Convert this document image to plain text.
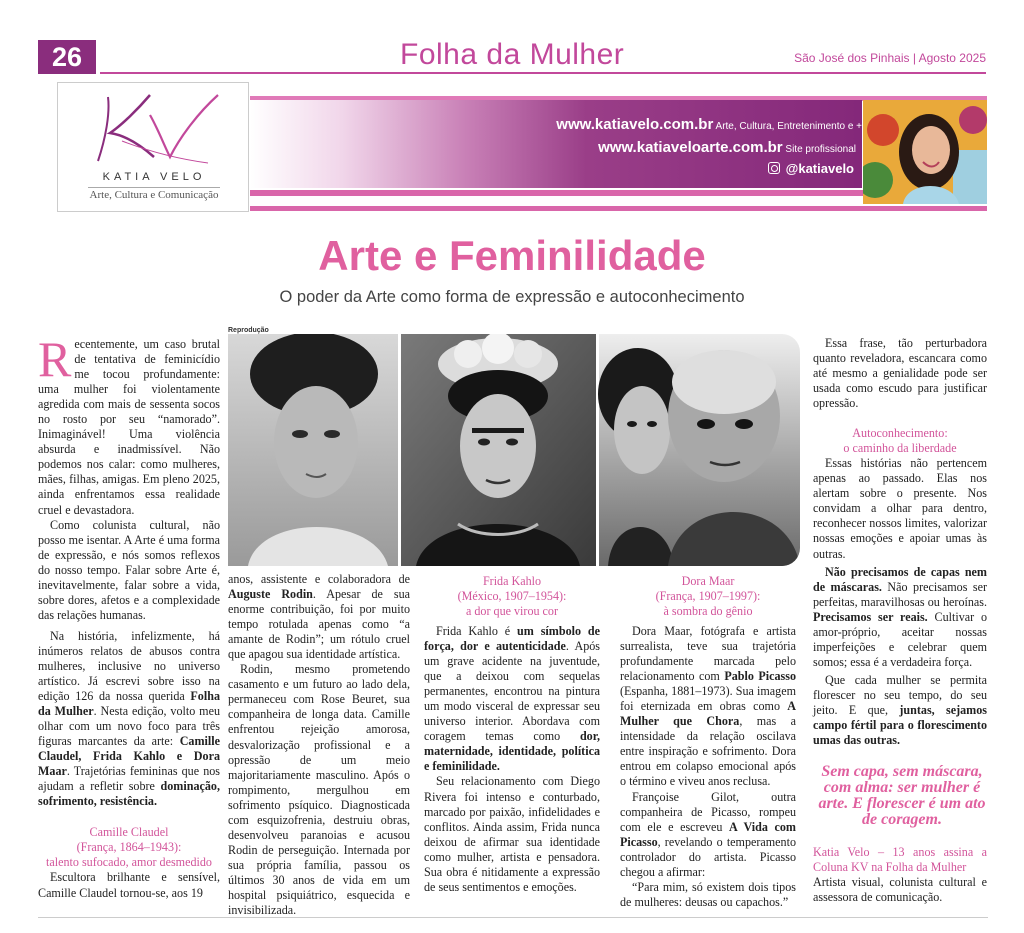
26	Folha da Mulher	São José dos Pinhais | Agosto 2025
KATIA VELO
Arte, Cultura e Comunicação
www.katiavelo.com.br Arte, Cultura, Entretenimento e +
www.katiaveloarte.com.br Site profissional
@katiavelo
Arte e Feminilidade
O poder da Arte como forma de expressão e autoconhecimento

Recentemente, um caso brutal de tentativa de feminicídio me tocou profundamente: uma mulher foi violentamente agredida com mais de sessenta socos no rosto por seu “namorado”. Inimaginável! Uma violência absurda e inadmissível. Não podemos nos calar: como mulheres, mães, filhas, amigas. Em pleno 2025, ainda enfrentamos essa realidade cruel e devastadora.

Como colunista cultural, não posso me isentar. A Arte é uma forma de expressão, e nós somos reflexos do nosso tempo. Falar sobre Arte é, inevitavelmente, falar sobre a vida, sobre dores, afetos e a complexidade das relações humanas.

Na história, infelizmente, há inúmeros relatos de abusos contra mulheres, inclusive no universo artístico. Já escrevi sobre isso na edição 126 da nossa querida Folha da Mulher. Nesta edição, volto meu olhar com um novo foco para três figuras marcantes da arte: Camille Claudel, Frida Kahlo e Dora Maar. Trajetórias femininas que nos ajudam a refletir sobre dominação, sofrimento, resistência.

Camille Claudel
(França, 1864–1943):
talento sufocado, amor desmedido

Escultora brilhante e sensível, Camille Claudel tornou-se, aos 19

Reprodução

anos, assistente e colaboradora de Auguste Rodin. Apesar de sua enorme contribuição, foi por muito tempo rotulada apenas como “a amante de Rodin”; um rótulo cruel que apagou sua identidade artística.

Rodin, mesmo prometendo casamento e um futuro ao lado dela, permaneceu com Rose Beuret, sua companheira de longa data. Camille enfrentou rejeição amorosa, desvalorização profissional e a opressão de um meio majoritariamente masculino. Após o rompimento, mergulhou em sofrimento psíquico. Diagnosticada com esquizofrenia, destruiu obras, desenvolveu paranoias e acusou Rodin de perseguição. Internada por sua própria família, passou os últimos 30 anos de vida em um hospital psiquiátrico, esquecida e invisibilizada.

Frida Kahlo
(México, 1907–1954):
a dor que virou cor

Frida Kahlo é um símbolo de força, dor e autenticidade. Após um grave acidente na juventude, que a deixou com sequelas permanentes, encontrou na pintura um modo visceral de expressar seu universo interior. Abordava com coragem temas como dor, maternidade, identidade, política e feminilidade.

Seu relacionamento com Diego Rivera foi intenso e conturbado, marcado por paixão, infidelidades e conflitos. Ainda assim, Frida nunca deixou de afirmar sua identidade como mulher, artista e pensadora. Sua obra é nitidamente a expressão de seus sentimentos e emoções.

Dora Maar
(França, 1907–1997):
à sombra do gênio

Dora Maar, fotógrafa e artista surrealista, teve sua trajetória profundamente marcada pelo relacionamento com Pablo Picasso (Espanha, 1881–1973). Sua imagem foi eternizada em obras como A Mulher que Chora, mas a intensidade da relação oscilava entre inspiração e sofrimento. Dora entrou em colapso emocional após o término e viveu anos reclusa.

Françoise Gilot, outra companheira de Picasso, rompeu com ele e escreveu A Vida com Picasso, revelando o temperamento controlador do artista. Picasso chegou a afirmar:

“Para mim, só existem dois tipos de mulheres: deusas ou capachos.”

Essa frase, tão perturbadora quanto reveladora, escancara como até mesmo a genialidade pode ser usada como escudo para justificar opressão.

Autoconhecimento:
o caminho da liberdade

Essas histórias não pertencem apenas ao passado. Elas nos alertam sobre o presente. Nos convidam a olhar para dentro, reconhecer nossos limites, valorizar nossas emoções e apoiar umas às outras.

Não precisamos de capas nem de máscaras. Não precisamos ser perfeitas, maravilhosas ou heroínas. Precisamos ser reais. Cultivar o amor-próprio, aceitar nossas imperfeições e celebrar quem somos; essa é a verdadeira força.

Que cada mulher se permita florescer no seu tempo, do seu jeito. E que, juntas, sejamos campo fértil para o florescimento umas das outras.

Sem capa, sem máscara, com alma: ser mulher é arte. E florescer é um ato de coragem.
Katia Velo – 13 anos assina a Coluna KV na Folha da Mulher
Artista visual, colunista cultural e assessora de comunicação.
